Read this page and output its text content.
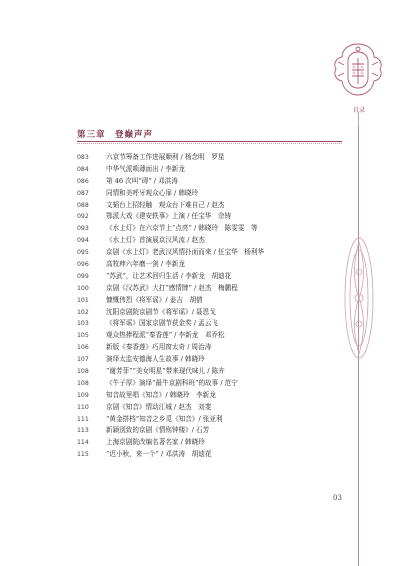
目录
第三章　登巅声声
083	六京节筹备工作进展顺利 / 杨念明　罗星
084	中华气派唢薄面出 / 李新龙
086	第 46 次叫“碍” / 邓洪涛
087	同情和美呼牙观众心扉 / 韩晓玲
088	文韬台上招轻触　观众台下难自己 / 赵杰
092	鄂派大戏《建安轶事》上演 / 任宝华　佘铸
093	《水上灯》在六京节上“点亮” / 韩晓玲　陈雯雯　等
094	《水上灯》首演展京汉风流 / 赵杰
095	京剧《水上灯》老武汉风情扑面而来 / 任宝华　杨利华
096	高牧珅六年磨一剑 / 李新龙
099	“苏武”，让艺术回归生活 / 李新龙　胡迪花
100	京剧《汉苏武》大打“感情牌” / 赵杰　梅鹏程
101	慷慨伟烈《将军谣》/ 姜吉　胡倩
102	沈阳京剧院京剧节《将军谣》/ 聂恩戈
103	《将军谣》国家京剧节获金奖 / 孟云飞
105	观众热捧程派“秦香莲” / 李新龙　邓乔松
106	新版《秦香莲》巧用窗太奇 / 周治涛
107	演绎太监安德海人生故事 / 韩晓玲
108	“谢芳菲”“美女明星”带来现代味儿 / 陈卉
108	《牛子厚》演绎“最牛京剧科班”的故事 / 范宁
109	知音故里唱《知音》/ 韩晓玲　李新龙
110	京剧《知音》情动江城 / 赵杰　刘斐
111	“黄金搭档”知音之乡觅《知音》/ 张亚利
113	新颖别致的京剧《情殇钟楼》/ 石芳
114	上海京剧院改编名著名家 / 韩晓玲
115	“迟小秋，来一个” / 邓洪涛　胡迪花
03
